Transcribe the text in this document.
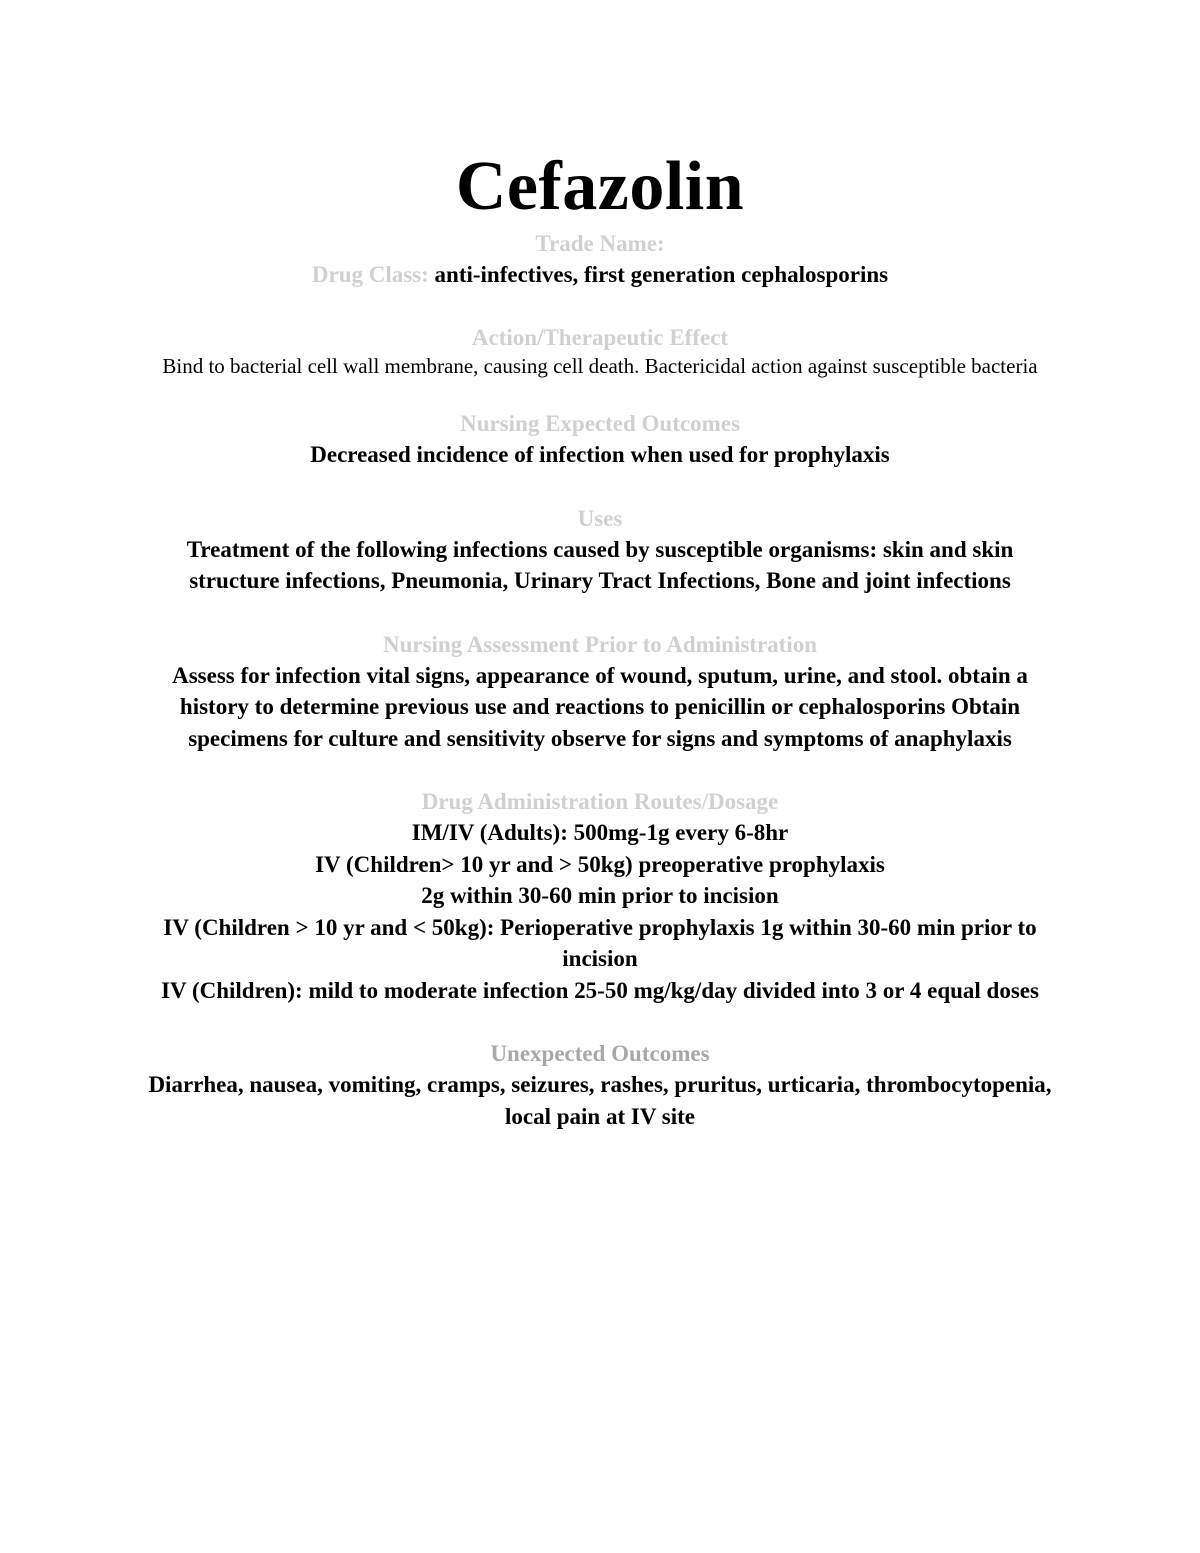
Cefazolin

Trade Name:

Drug Class: anti-infectives, first generation cephalosporins

Action/Therapeutic Effect

Bind to bacterial cell wall membrane, causing cell death. Bactericidal action against susceptible bacteria

Nursing Expected Outcomes

Decreased incidence of infection when used for prophylaxis

Uses

Treatment of the following infections caused by susceptible organisms: skin and skin structure infections, Pneumonia, Urinary Tract Infections, Bone and joint infections

Nursing Assessment Prior to Administration

Assess for infection vital signs, appearance of wound, sputum, urine, and stool. obtain a history to determine previous use and reactions to penicillin or cephalosporins Obtain specimens for culture and sensitivity observe for signs and symptoms of anaphylaxis

Drug Administration Routes/Dosage

IM/IV (Adults): 500mg-1g every 6-8hr
IV (Children> 10 yr and > 50kg) preoperative prophylaxis
2g within 30-60 min prior to incision
IV (Children > 10 yr and < 50kg): Perioperative prophylaxis 1g within 30-60 min prior to incision
IV (Children): mild to moderate infection 25-50 mg/kg/day divided into 3 or 4 equal doses

Unexpected Outcomes

Diarrhea, nausea, vomiting, cramps, seizures, rashes, pruritus, urticaria, thrombocytopenia, local pain at IV site
